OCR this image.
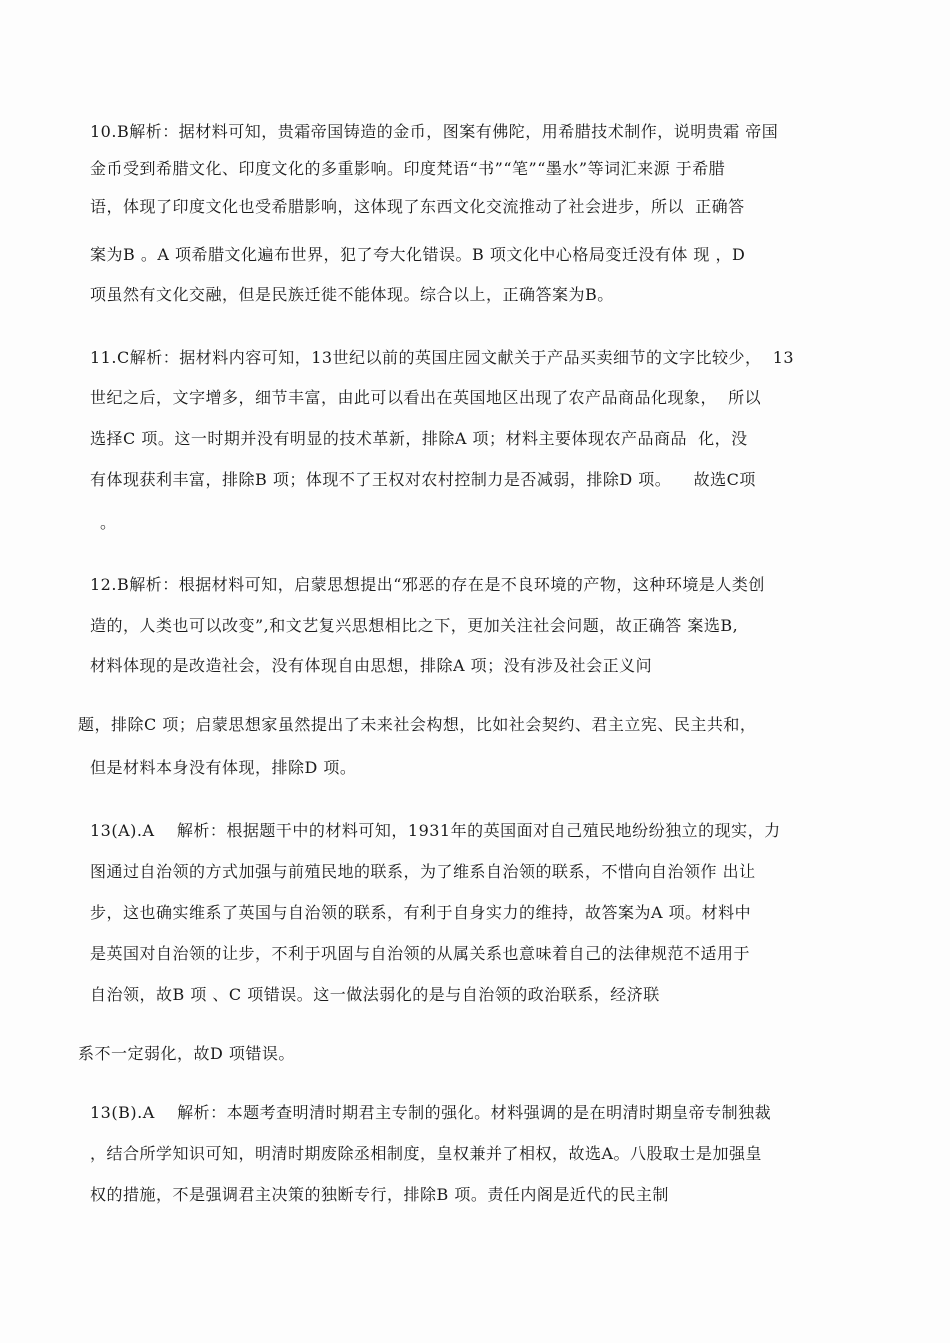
10.B解析：据材料可知，贵霜帝国铸造的金币，图案有佛陀，用希腊技术制作，说明贵霜 帝国

金币受到希腊文化、印度文化的多重影响。印度梵语“书”“笔”“墨水”等词汇来源 于希腊

语，体现了印度文化也受希腊影响，这体现了东西文化交流推动了社会进步，所以  正确答

案为B 。A 项希腊文化遍布世界，犯了夸大化错误。B 项文化中心格局变迁没有体 现 ，D

项虽然有文化交融，但是民族迁徙不能体现。综合以上，正确答案为B。

11.C解析：据材料内容可知，13世纪以前的英国庄园文献关于产品买卖细节的文字比较少，  13

世纪之后，文字增多，细节丰富，由此可以看出在英国地区出现了农产品商品化现象，  所以

选择C 项。这一时期并没有明显的技术革新，排除A 项；材料主要体现农产品商品  化，没

有体现获利丰富，排除B 项；体现不了王权对农村控制力是否减弱，排除D 项。    故选C项

。

12.B解析：根据材料可知，启蒙思想提出“邪恶的存在是不良环境的产物，这种环境是人类创

造的，人类也可以改变”,和文艺复兴思想相比之下，更加关注社会问题，故正确答 案选B,

材料体现的是改造社会，没有体现自由思想，排除A 项；没有涉及社会正义问

题，排除C 项；启蒙思想家虽然提出了未来社会构想，比如社会契约、君主立宪、民主共和，

但是材料本身没有体现，排除D 项。

13(A).A    解析：根据题干中的材料可知，1931年的英国面对自己殖民地纷纷独立的现实，力

图通过自治领的方式加强与前殖民地的联系，为了维系自治领的联系，不惜向自治领作 出让

步，这也确实维系了英国与自治领的联系，有利于自身实力的维持，故答案为A 项。材料中

是英国对自治领的让步，不利于巩固与自治领的从属关系也意味着自己的法律规范不适用于

自治领，故B 项 、C 项错误。这一做法弱化的是与自治领的政治联系，经济联

系不一定弱化，故D 项错误。

13(B).A    解析：本题考查明清时期君主专制的强化。材料强调的是在明清时期皇帝专制独裁

，结合所学知识可知，明清时期废除丞相制度，皇权兼并了相权，故选A。八股取士是加强皇

权的措施，不是强调君主决策的独断专行，排除B 项。责任内阁是近代的民主制
